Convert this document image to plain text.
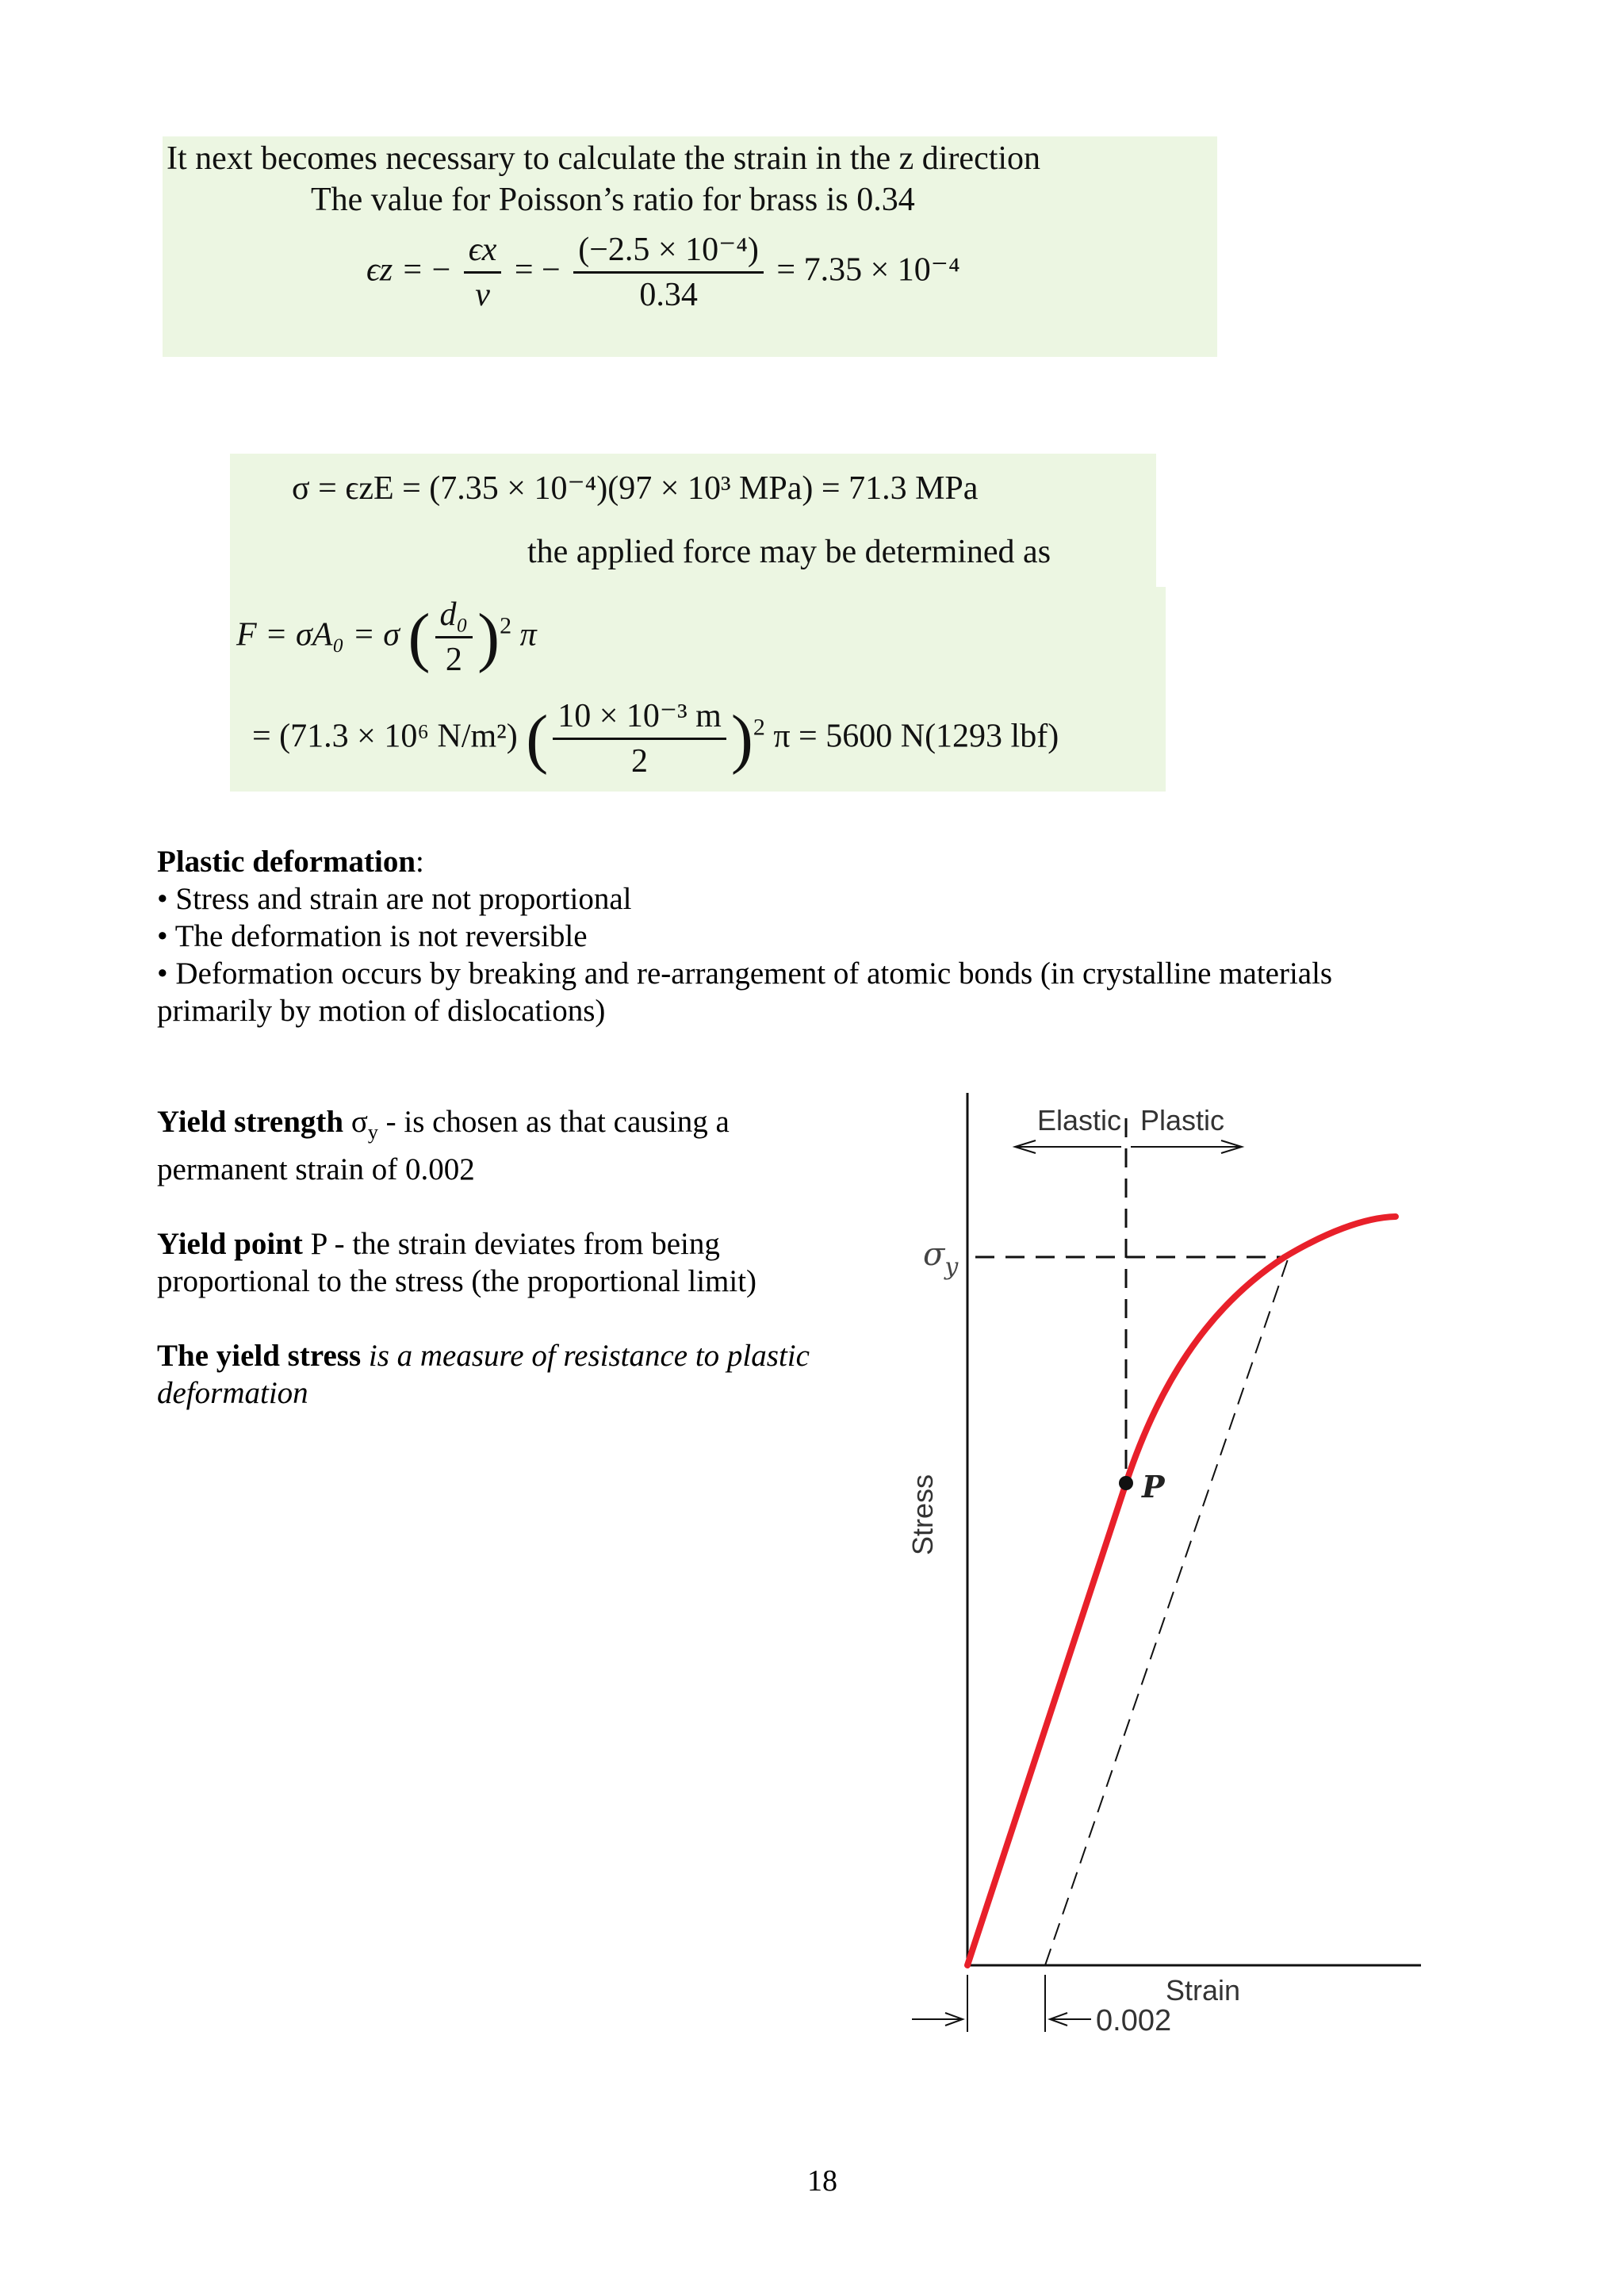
It next becomes necessary to calculate the strain in the z direction
The value for Poisson’s ratio for brass is 0.34
ϵz = − $\frac{\epsilon x}{\nu}$ = − $\frac{\text{(−2.5 × 10⁻⁴)}}{0.34} = 7.35 \times 10^{-4}$
σ = ϵzE = (7.35 × 10⁻⁴)(97 × 10³ MPa) = 71.3 MPa
the applied force may be determined as
F = σA₀ = σ ( $\frac{\text{d₀}}{2} )^2$ π
= (71.3 × 10⁶ N/m²) ( $\frac{\text{10 × 10⁻³ m}}{2} )^2$ π = 5600 N(1293 lbf)

Plastic deformation:

• Stress and strain are not proportional

• The deformation is not reversible

• Deformation occurs by breaking and re-arrangement of atomic bonds (in crystalline materials primarily by motion of dislocations)

Yield strength $\sigma_y$ - is chosen as that causing a permanent strain of 0.002

Yield point P - the strain deviates from being proportional to the stress (the proportional limit)

The yield stress is a measure of resistance to plastic deformation

Elastic Plastic
$\sigma_y$
P
Stress
Strain
0.002
18
